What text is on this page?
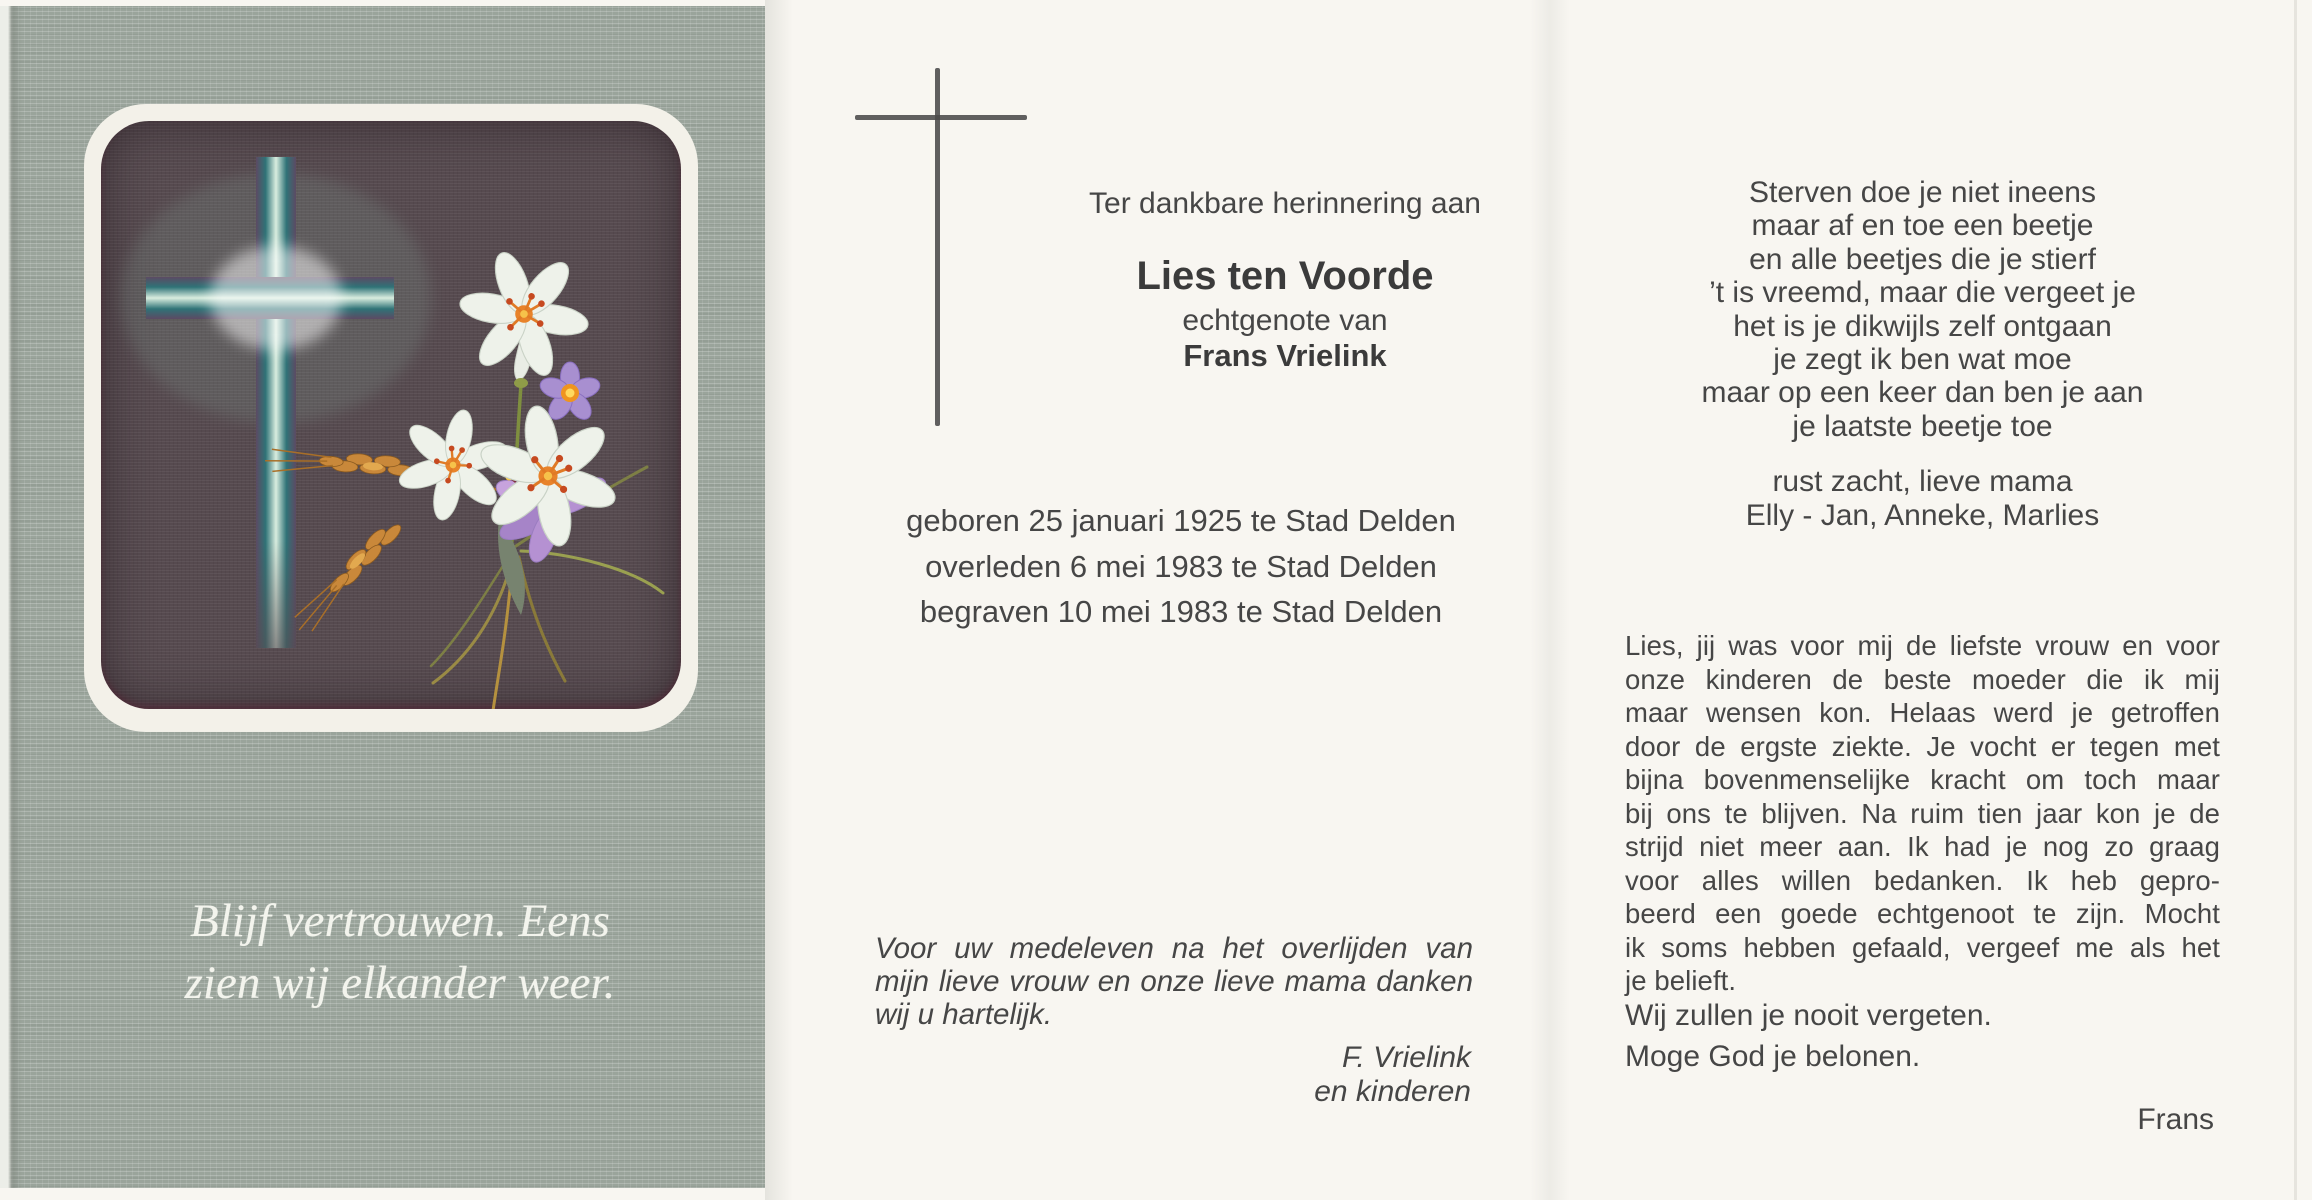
Blijf vertrouwen. Eens
zien wij elkander weer.
Ter dankbare herinnering aan
Lies ten Voorde
echtgenote van
Frans Vrielink
geboren 25 januari 1925 te Stad Delden
overleden 6 mei 1983 te Stad Delden
begraven 10 mei 1983 te Stad Delden
Voor uw medeleven na het overlijden van
mijn lieve vrouw en onze lieve mama danken
wij u hartelijk.
F. Vrielink
en kinderen
Sterven doe je niet ineens
maar af en toe een beetje
en alle beetjes die je stierf
’t is vreemd, maar die vergeet je
het is je dikwijls zelf ontgaan
je zegt ik ben wat moe
maar op een keer dan ben je aan
je laatste beetje toe
rust zacht, lieve mama
Elly - Jan, Anneke, Marlies
Lies, jij was voor mij de liefste vrouw en voor
onze kinderen de beste moeder die ik mij
maar wensen kon. Helaas werd je getroffen
door de ergste ziekte. Je vocht er tegen met
bijna bovenmenselijke kracht om toch maar
bij ons te blijven. Na ruim tien jaar kon je de
strijd niet meer aan. Ik had je nog zo graag
voor alles willen bedanken. Ik heb gepro-
beerd een goede echtgenoot te zijn. Mocht
ik soms hebben gefaald, vergeef me als het
je belieft.
Wij zullen je nooit vergeten.
Moge God je belonen.
Frans
